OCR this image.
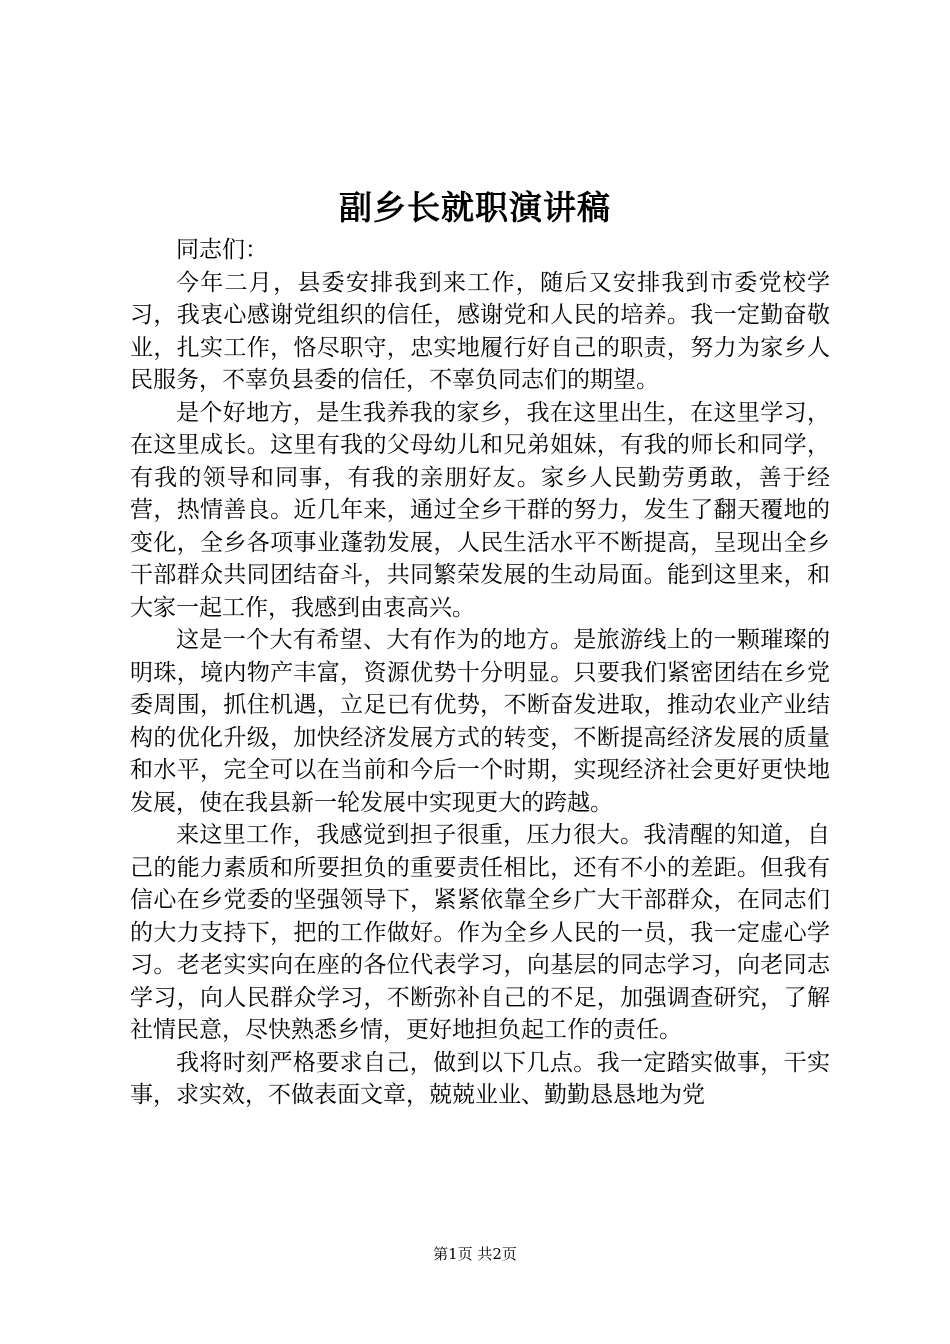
副乡长就职演讲稿

同志们：

今年二月，县委安排我到来工作，随后又安排我到市委党校学习，我衷心感谢党组织的信任，感谢党和人民的培养。我一定勤奋敬业，扎实工作，恪尽职守，忠实地履行好自己的职责，努力为家乡人民服务，不辜负县委的信任，不辜负同志们的期望。

是个好地方，是生我养我的家乡，我在这里出生，在这里学习，在这里成长。这里有我的父母幼儿和兄弟姐妹，有我的师长和同学，有我的领导和同事，有我的亲朋好友。家乡人民勤劳勇敢，善于经营，热情善良。近几年来，通过全乡干群的努力，发生了翻天覆地的变化，全乡各项事业蓬勃发展，人民生活水平不断提高，呈现出全乡干部群众共同团结奋斗，共同繁荣发展的生动局面。能到这里来，和大家一起工作，我感到由衷高兴。

这是一个大有希望、大有作为的地方。是旅游线上的一颗璀璨的明珠，境内物产丰富，资源优势十分明显。只要我们紧密团结在乡党委周围，抓住机遇，立足已有优势，不断奋发进取，推动农业产业结构的优化升级，加快经济发展方式的转变，不断提高经济发展的质量和水平，完全可以在当前和今后一个时期，实现经济社会更好更快地发展，使在我县新一轮发展中实现更大的跨越。

来这里工作，我感觉到担子很重，压力很大。我清醒的知道，自己的能力素质和所要担负的重要责任相比，还有不小的差距。但我有信心在乡党委的坚强领导下，紧紧依靠全乡广大干部群众，在同志们的大力支持下，把的工作做好。作为全乡人民的一员，我一定虚心学习。老老实实向在座的各位代表学习，向基层的同志学习，向老同志学习，向人民群众学习，不断弥补自己的不足，加强调查研究，了解社情民意，尽快熟悉乡情，更好地担负起工作的责任。

我将时刻严格要求自己，做到以下几点。我一定踏实做事，干实事，求实效，不做表面文章，兢兢业业、勤勤恳恳地为党

第1页 共2页
